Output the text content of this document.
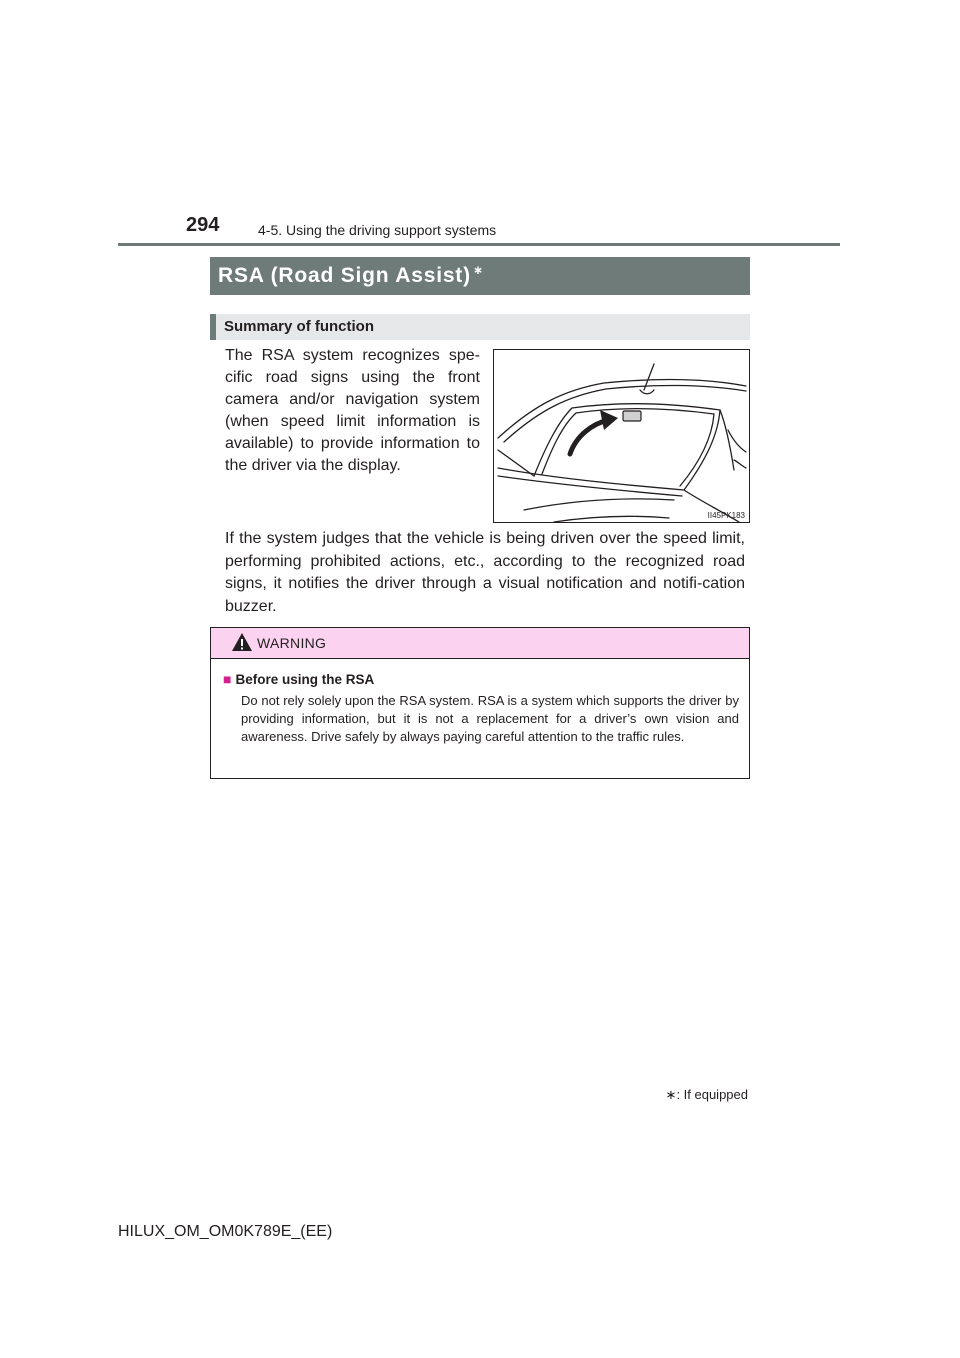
294	4-5. Using the driving support systems
RSA (Road Sign Assist) ∗
Summary of function
The RSA system recognizes spe-cific road signs using the front camera and/or navigation system (when speed limit information is available) to provide information to the driver via the display.
II45PK183
If the system judges that the vehicle is being driven over the speed limit, performing prohibited actions, etc., according to the recognized road signs, it notifies the driver through a visual notification and notifi-cation buzzer.
WARNING
■ Before using the RSA
Do not rely solely upon the RSA system. RSA is a system which supports the driver by providing information, but it is not a replacement for a driver’s own vision and awareness. Drive safely by always paying careful attention to the traffic rules.
∗: If equipped
HILUX_OM_OM0K789E_(EE)
